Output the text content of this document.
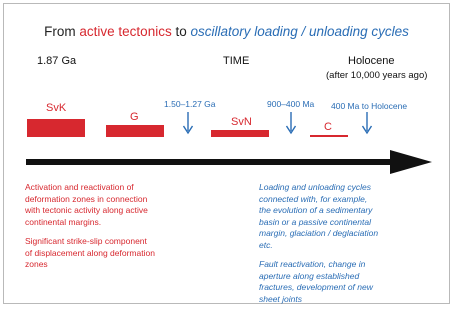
From active tectonics to oscillatory loading / unloading cycles
1.87 Ga	TIME	Holocene
(after 10,000 years ago)
SvK
G	SvN	C
1.50–1.27 Ga	900–400 Ma 400 Ma to Holocene

Activation and reactivation of
deformation zones in connection
with tectonic activity along active
continental margins.

Significant strike-slip component
of displacement along deformation
zones

Loading and unloading cycles
connected with, for example,
the evolution of a sedimentary
basin or a passive continental
margin, glaciation / deglaciation
etc.

Fault reactivation, change in
aperture along established
fractures, development of new
sheet joints
